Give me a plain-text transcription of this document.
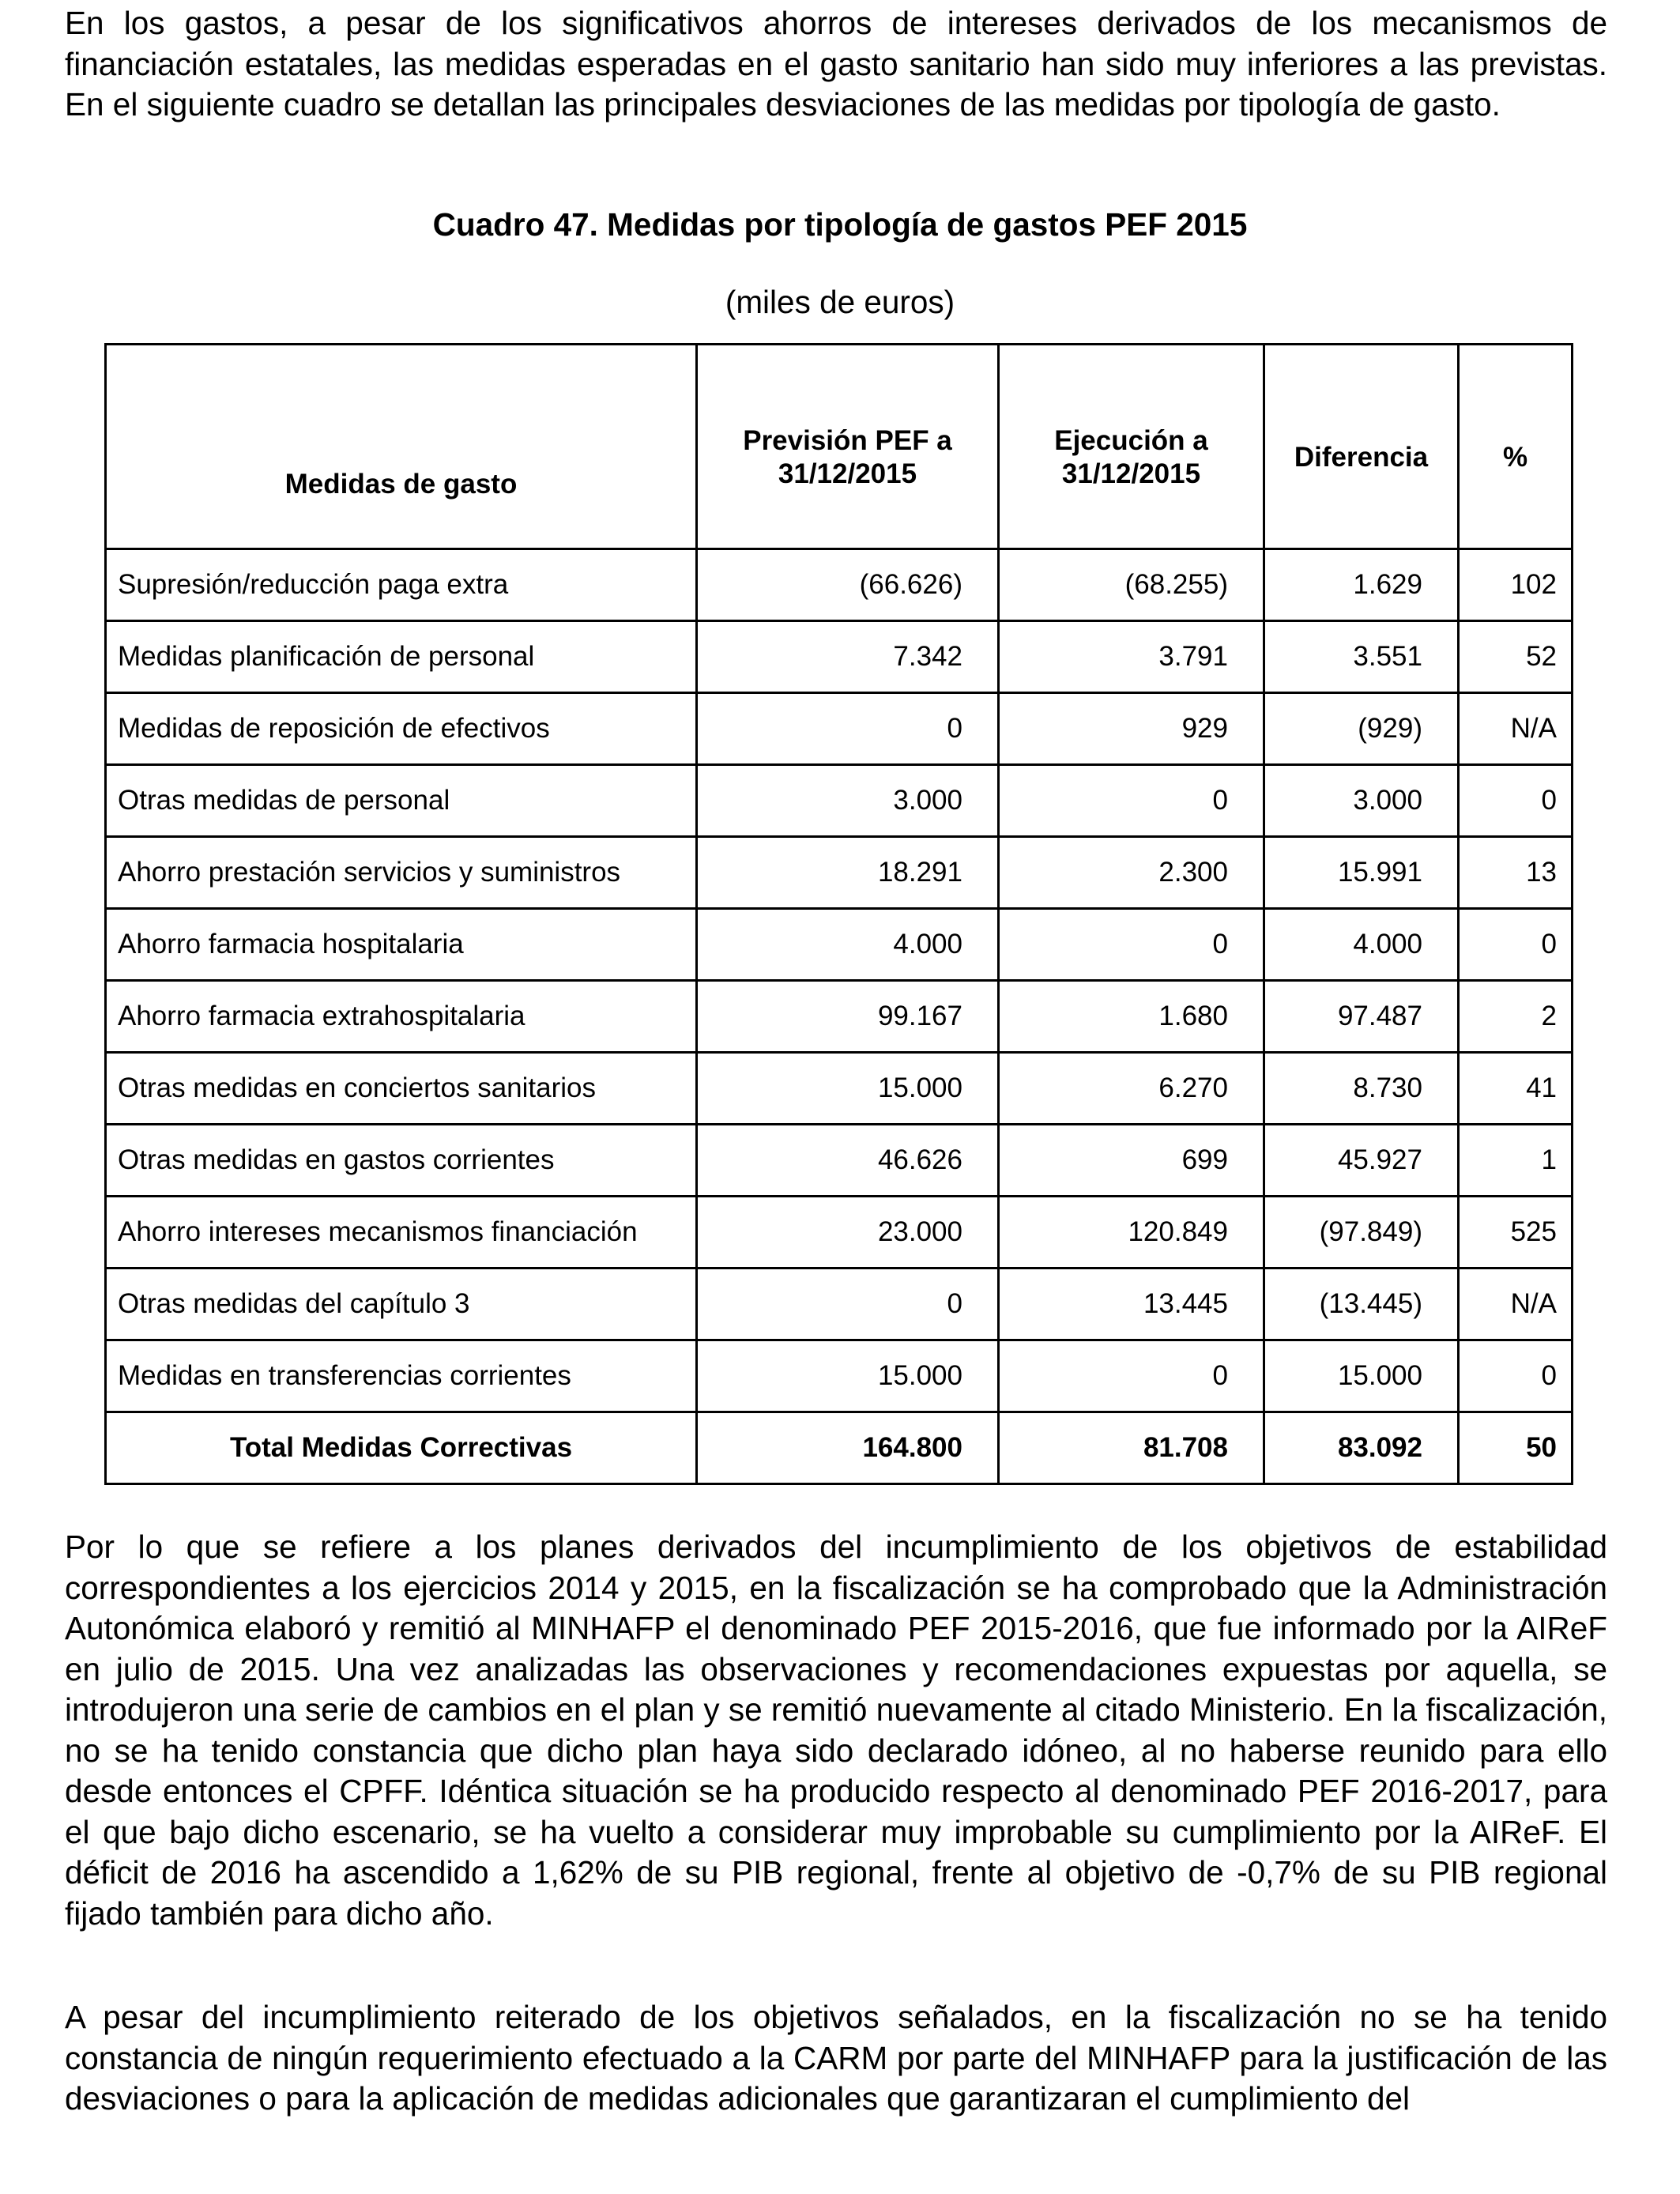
En los gastos, a pesar de los significativos ahorros de intereses derivados de los mecanismos de financiación estatales, las medidas esperadas en el gasto sanitario han sido muy inferiores a las previstas. En el siguiente cuadro se detallan las principales desviaciones de las medidas por tipología de gasto.

Cuadro 47. Medidas por tipología de gastos PEF 2015
(miles de euros)
Medidas de gasto	Previsión PEF a 31/12/2015	Ejecución a 31/12/2015	Diferencia	%
Supresión/reducción paga extra	(66.626)	(68.255)	1.629	102
Medidas planificación de personal	7.342	3.791	3.551	52
Medidas de reposición de efectivos	0	929	(929)	N/A
Otras medidas de personal	3.000	0	3.000	0
Ahorro prestación servicios y suministros	18.291	2.300	15.991	13
Ahorro farmacia hospitalaria	4.000	0	4.000	0
Ahorro farmacia extrahospitalaria	99.167	1.680	97.487	2
Otras medidas en conciertos sanitarios	15.000	6.270	8.730	41
Otras medidas en gastos corrientes	46.626	699	45.927	1
Ahorro intereses mecanismos financiación	23.000	120.849	(97.849)	525
Otras medidas del capítulo 3	0	13.445	(13.445)	N/A
Medidas en transferencias corrientes	15.000	0	15.000	0
Total Medidas Correctivas	164.800	81.708	83.092	50

Por lo que se refiere a los planes derivados del incumplimiento de los objetivos de estabilidad correspondientes a los ejercicios 2014 y 2015, en la fiscalización se ha comprobado que la Administración Autonómica elaboró y remitió al MINHAFP el denominado PEF 2015-2016, que fue informado por la AIReF en julio de 2015. Una vez analizadas las observaciones y recomendaciones expuestas por aquella, se introdujeron una serie de cambios en el plan y se remitió nuevamente al citado Ministerio. En la fiscalización, no se ha tenido constancia que dicho plan haya sido declarado idóneo, al no haberse reunido para ello desde entonces el CPFF. Idéntica situación se ha producido respecto al denominado PEF 2016-2017, para el que bajo dicho escenario, se ha vuelto a considerar muy improbable su cumplimiento por la AIReF. El déficit de 2016 ha ascendido a 1,62% de su PIB regional, frente al objetivo de -0,7% de su PIB regional fijado también para dicho año.

A pesar del incumplimiento reiterado de los objetivos señalados, en la fiscalización no se ha tenido constancia de ningún requerimiento efectuado a la CARM por parte del MINHAFP para la justificación de las desviaciones o para la aplicación de medidas adicionales que garantizaran el cumplimiento del
